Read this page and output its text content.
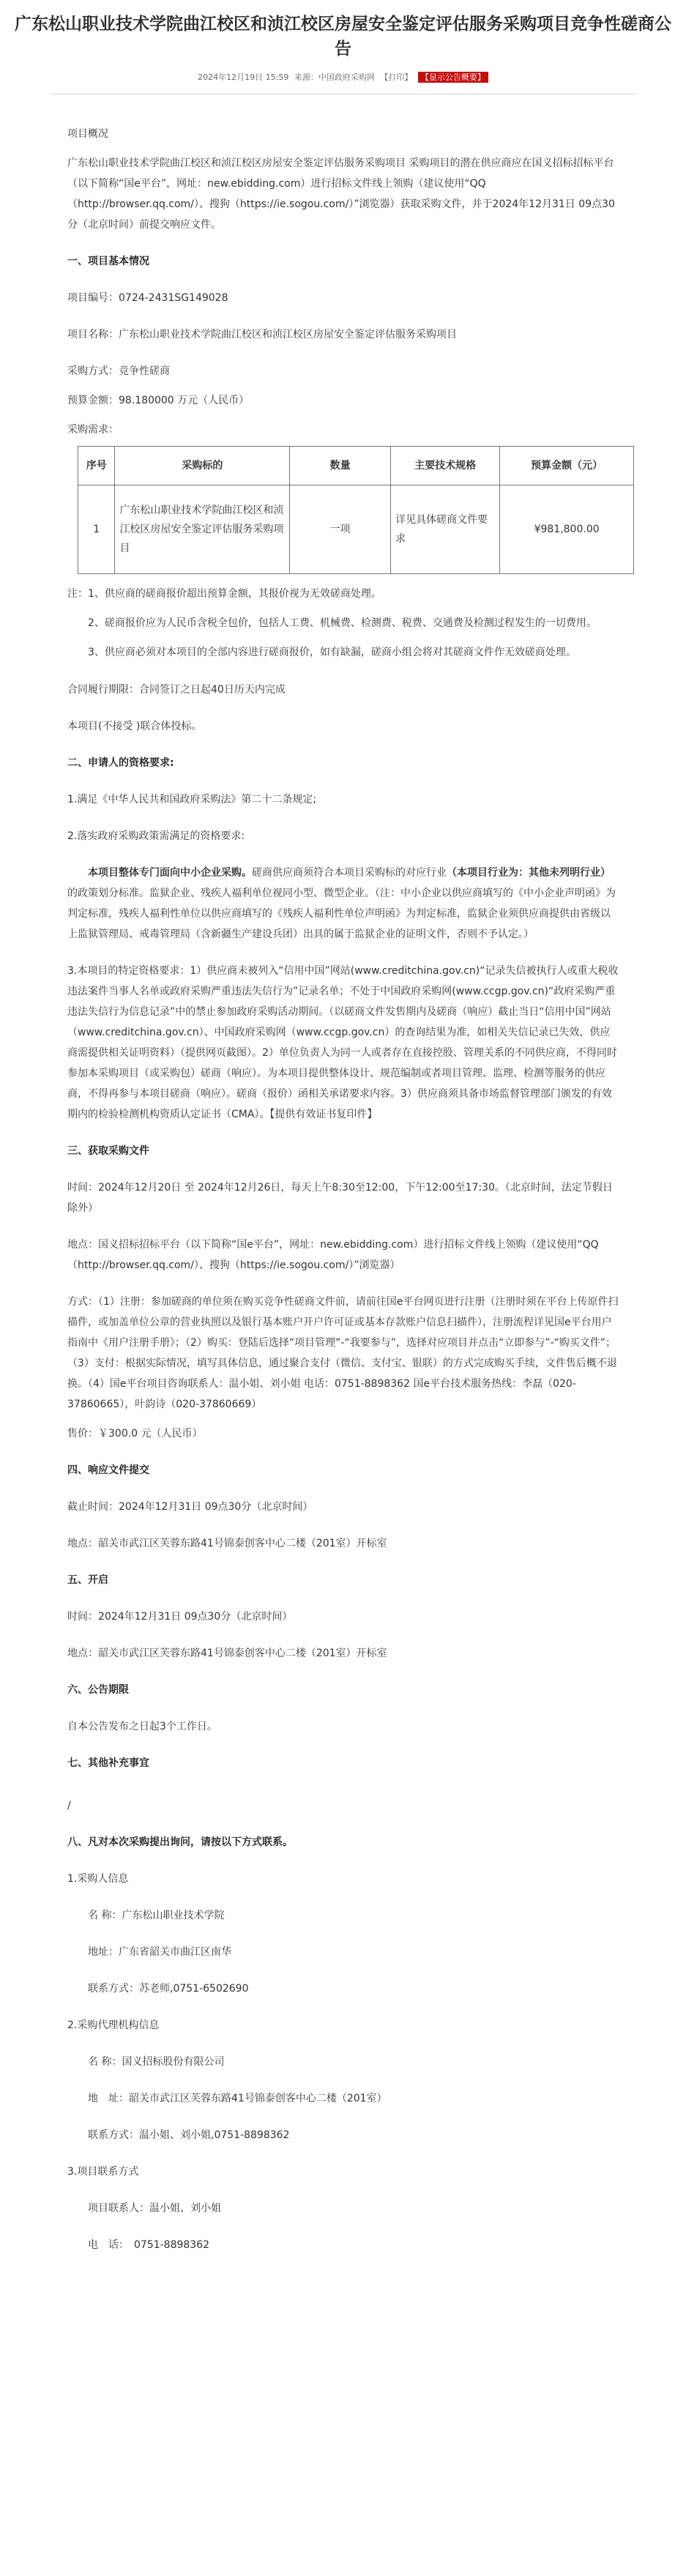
广东松山职业技术学院曲江校区和浈江校区房屋安全鉴定评估服务采购项目竞争性磋商公告
2024年12月19日 15:59 来源：中国政府采购网 【打印】 【显示公告概要】

项目概况

广东松山职业技术学院曲江校区和浈江校区房屋安全鉴定评估服务采购项目 采购项目的潜在供应商应在国义招标招标平台（以下简称“国e平台”，网址：new.ebidding.com）进行招标文件线上领购（建议使用“QQ（http://browser.qq.com/）、搜狗（https://ie.sogou.com/）”浏览器）获取采购文件，并于2024年12月31日 09点30分（北京时间）前提交响应文件。

一、项目基本情况

项目编号：0724-2431SG149028

项目名称：广东松山职业技术学院曲江校区和浈江校区房屋安全鉴定评估服务采购项目

采购方式：竞争性磋商

预算金额：98.180000 万元（人民币）

采购需求：

序号	采购标的	数量	主要技术规格	预算金额（元）
1	广东松山职业技术学院曲江校区和浈江校区房屋安全鉴定评估服务采购项目	一项	详见具体磋商文件要求	¥981,800.00

注：1、供应商的磋商报价超出预算金额，其报价视为无效磋商处理。

2、磋商报价应为人民币含税全包价，包括人工费、机械费、检测费、税费、交通费及检测过程发生的一切费用。

3、供应商必须对本项目的全部内容进行磋商报价，如有缺漏，磋商小组会将对其磋商文件作无效磋商处理。

合同履行期限：合同签订之日起40日历天内完成

本项目(不接受 )联合体投标。

二、申请人的资格要求:

1.满足《中华人民共和国政府采购法》第二十二条规定;

2.落实政府采购政策需满足的资格要求:

本项目整体专门面向中小企业采购。磋商供应商须符合本项目采购标的对应行业（本项目行业为：其他未列明行业）的政策划分标准。监狱企业、残疾人福利单位视同小型、微型企业。（注：中小企业以供应商填写的《中小企业声明函》为判定标准，残疾人福利性单位以供应商填写的《残疾人福利性单位声明函》为判定标准，监狱企业须供应商提供由省级以上监狱管理局、戒毒管理局（含新疆生产建设兵团）出具的属于监狱企业的证明文件，否则不予认定。）

3.本项目的特定资格要求：1）供应商未被列入“信用中国”网站(www.creditchina.gov.cn)“记录失信被执行人或重大税收违法案件当事人名单或政府采购严重违法失信行为”记录名单；不处于中国政府采购网(www.ccgp.gov.cn)“政府采购严重违法失信行为信息记录”中的禁止参加政府采购活动期间。（以磋商文件发售期内及磋商（响应）截止当日“信用中国”网站（www.creditchina.gov.cn）、中国政府采购网（www.ccgp.gov.cn）的查询结果为准，如相关失信记录已失效，供应商需提供相关证明资料）（提供网页截图）。2）单位负责人为同一人或者存在直接控股、管理关系的不同供应商，不得同时参加本采购项目（或采购包）磋商（响应）。为本项目提供整体设计、规范编制或者项目管理、监理、检测等服务的供应商，不得再参与本项目磋商（响应）。磋商（报价）函相关承诺要求内容。3）供应商须具备市场监督管理部门颁发的有效期内的检验检测机构资质认定证书（CMA）。【提供有效证书复印件】

三、获取采购文件

时间：2024年12月20日 至 2024年12月26日，每天上午8:30至12:00，下午12:00至17:30。（北京时间，法定节假日除外）

地点：国义招标招标平台（以下简称“国e平台”，网址：new.ebidding.com）进行招标文件线上领购（建议使用“QQ（http://browser.qq.com/）、搜狗（https://ie.sogou.com/）”浏览器）

方式：（1）注册：参加磋商的单位须在购买竞争性磋商文件前，请前往国e平台网页进行注册（注册时须在平台上传原件扫描件，或加盖单位公章的营业执照以及银行基本账户开户许可证或基本存款账户信息扫描件），注册流程详见国e平台用户指南中《用户注册手册》；（2）购买：登陆后选择“项目管理”-“我要参与”，选择对应项目并点击“立即参与”-“购买文件”；（3）支付：根据实际情况，填写具体信息，通过聚合支付（微信、支付宝、银联）的方式完成购买手续，文件售后概不退换。（4）国e平台项目咨询联系人：温小姐、刘小姐 电话：0751-8898362 国e平台技术服务热线：李磊（020-37860665），叶韵诗（020-37860669）

售价：￥300.0 元（人民币）

四、响应文件提交

截止时间：2024年12月31日 09点30分（北京时间）

地点：韶关市武江区芙蓉东路41号锦泰创客中心二楼（201室）开标室

五、开启

时间：2024年12月31日 09点30分（北京时间）

地点：韶关市武江区芙蓉东路41号锦泰创客中心二楼（201室）开标室

六、公告期限

自本公告发布之日起3个工作日。

七、其他补充事宜

/

八、凡对本次采购提出询问，请按以下方式联系。

1.采购人信息

名 称：广东松山职业技术学院

地址：广东省韶关市曲江区南华

联系方式：苏老师,0751-6502690

2.采购代理机构信息

名 称：国义招标股份有限公司

地　址：韶关市武江区芙蓉东路41号锦泰创客中心二楼（201室）

联系方式：温小姐、刘小姐,0751-8898362

3.项目联系方式

项目联系人：温小姐、刘小姐

电　话：　0751-8898362
